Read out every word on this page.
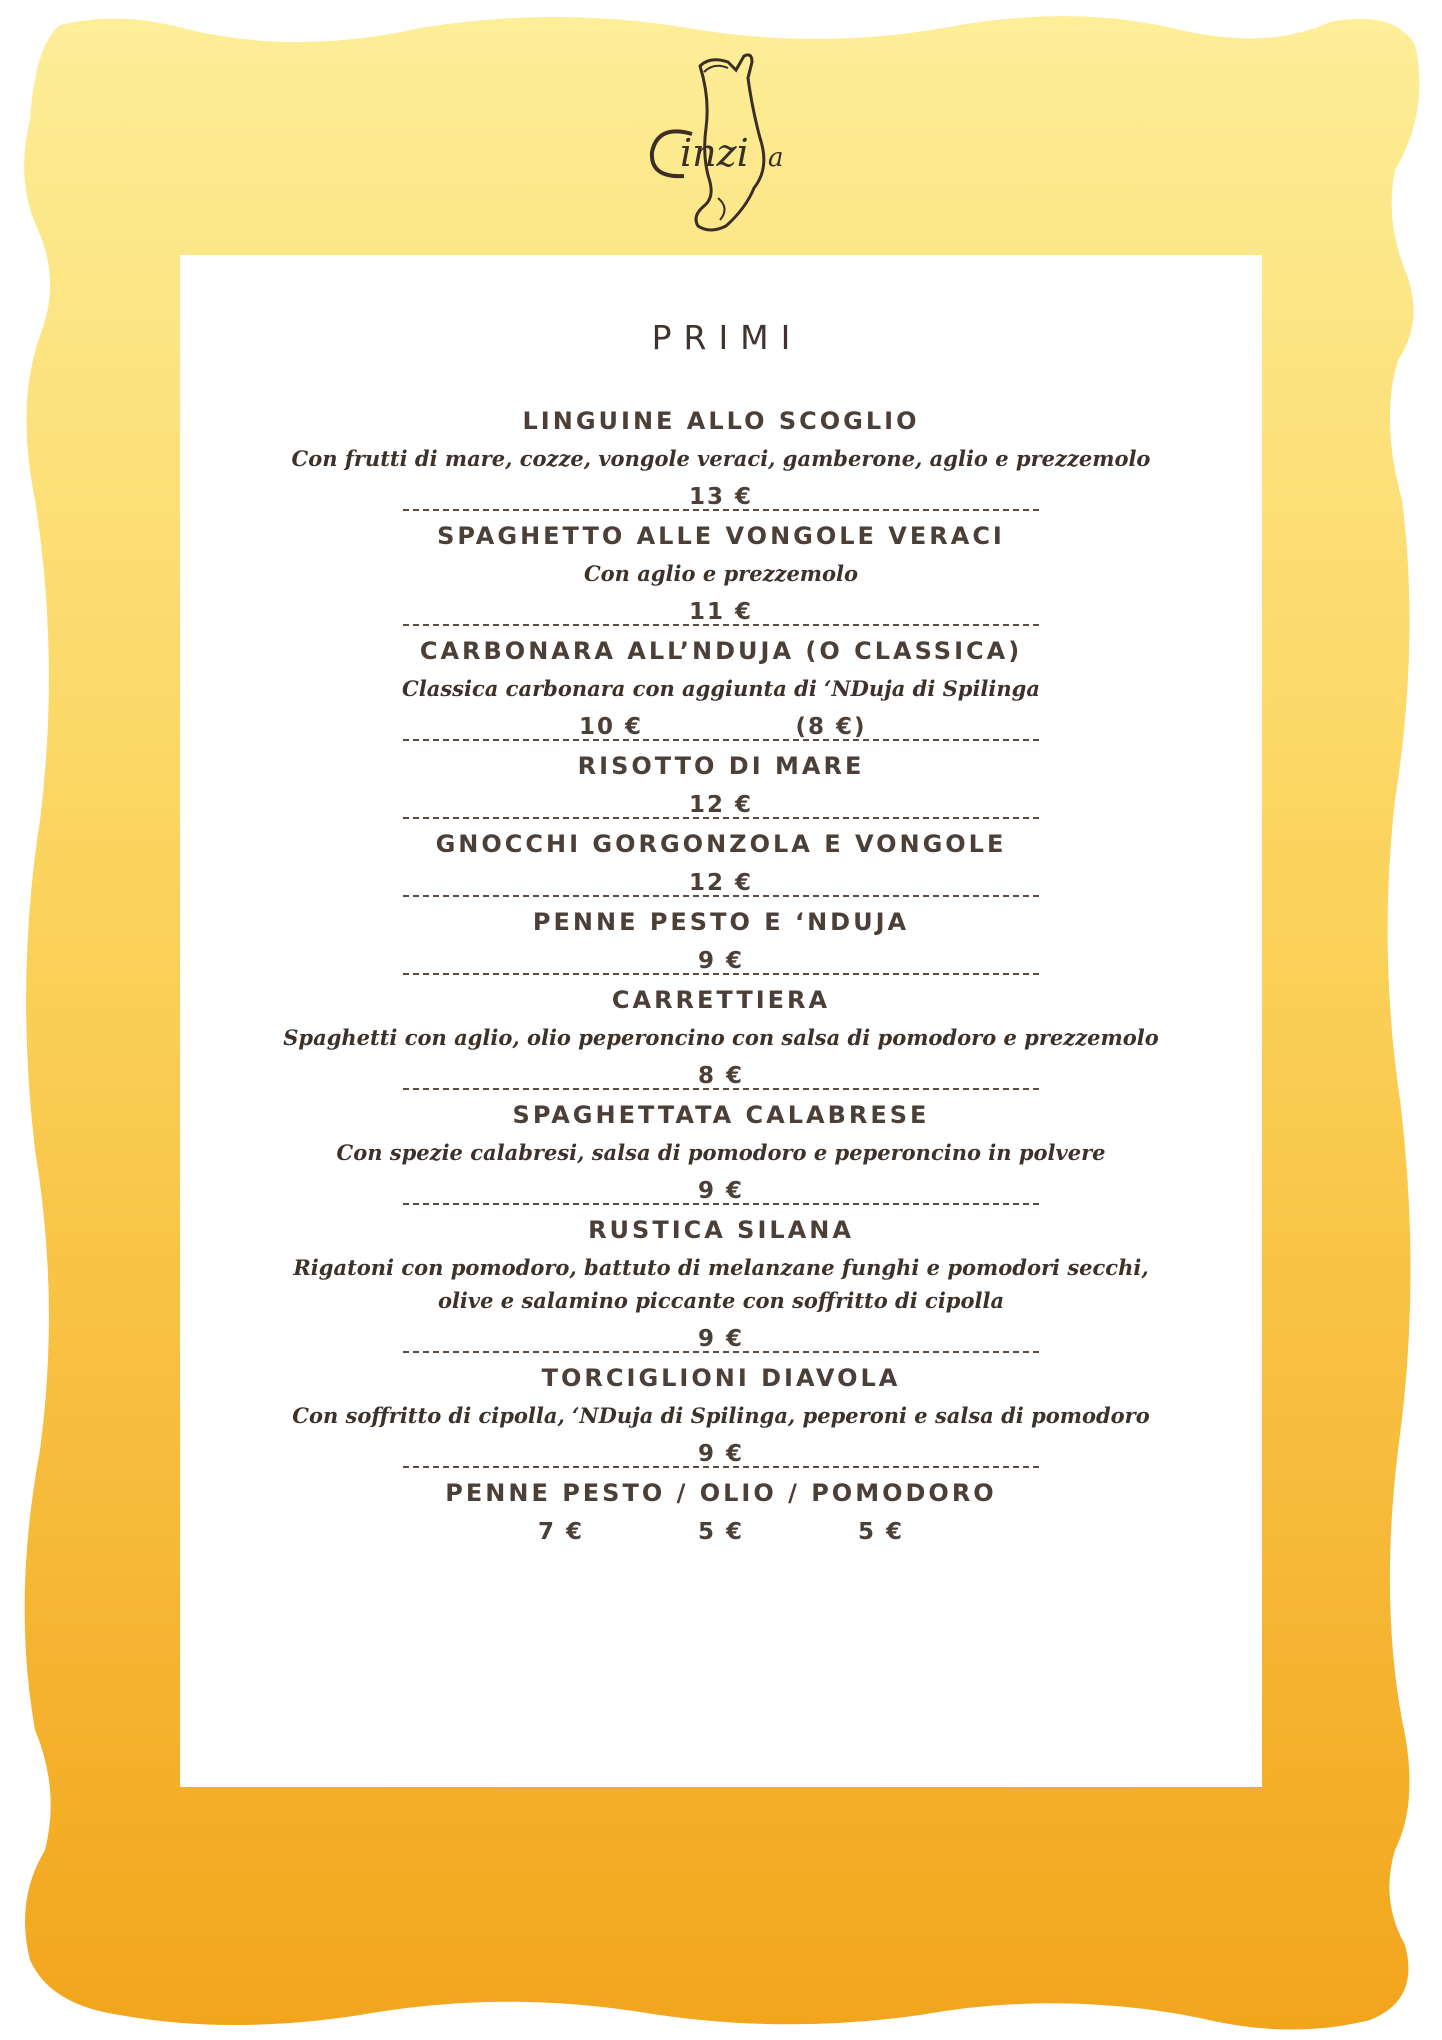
inzi a
PRIMI
LINGUINE ALLO SCOGLIO
Con frutti di mare, cozze, vongole veraci, gamberone, aglio e prezzemolo
13 €
SPAGHETTO ALLE VONGOLE VERACI
Con aglio e prezzemolo
11 €
CARBONARA ALL’NDUJA (O CLASSICA)
Classica carbonara con aggiunta di ‘NDuja di Spilinga
10 €	(8 €)
RISOTTO DI MARE
12 €
GNOCCHI GORGONZOLA E VONGOLE
12 €
PENNE PESTO E ‘NDUJA
9 €
CARRETTIERA
Spaghetti con aglio, olio peperoncino con salsa di pomodoro e prezzemolo
8 €
SPAGHETTATA CALABRESE
Con spezie calabresi, salsa di pomodoro e peperoncino in polvere
9 €
RUSTICA SILANA
Rigatoni con pomodoro, battuto di melanzane funghi e pomodori secchi,
olive e salamino piccante con soffritto di cipolla
9 €
TORCIGLIONI DIAVOLA
Con soffritto di cipolla, ‘NDuja di Spilinga, peperoni e salsa di pomodoro
9 €
PENNE PESTO / OLIO / POMODORO
7 €	5 €	5 €
